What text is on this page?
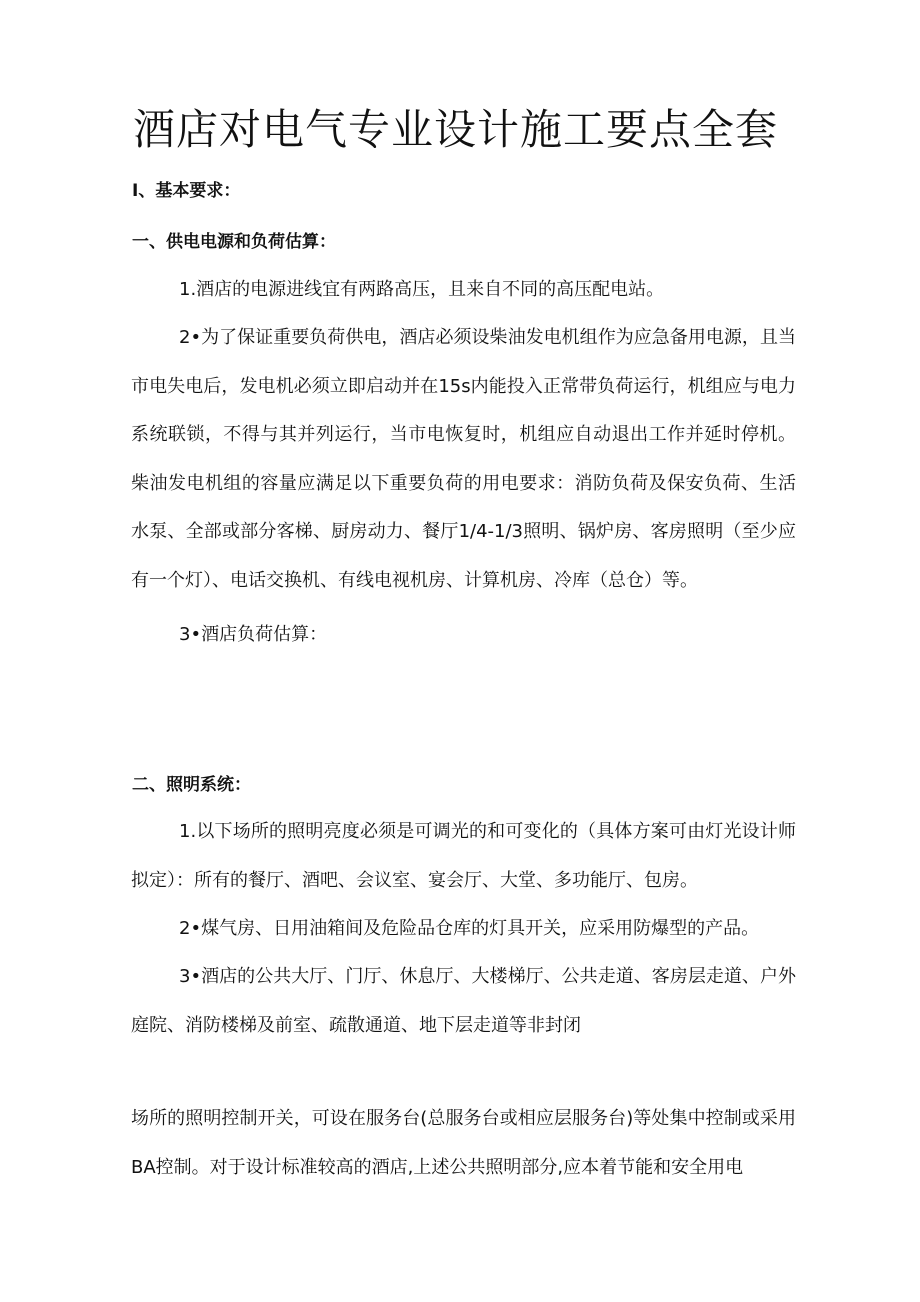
酒店对电气专业设计施工要点全套
I、基本要求：
一、供电电源和负荷估算：

1.酒店的电源进线宜有两路高压，且来自不同的高压配电站。

2•为了保证重要负荷供电，酒店必须设柴油发电机组作为应急备用电源，且当市电失电后，发电机必须立即启动并在15s内能投入正常带负荷运行，机组应与电力系统联锁，不得与其并列运行，当市电恢复时，机组应自动退出工作并延时停机。柴油发电机组的容量应满足以下重要负荷的用电要求：消防负荷及保安负荷、生活水泵、全部或部分客梯、厨房动力、餐厅1/4-1/3照明、锅炉房、客房照明（至少应有一个灯）、电话交换机、有线电视机房、计算机房、冷库（总仓）等。

3•酒店负荷估算：

二、照明系统：

1.以下场所的照明亮度必须是可调光的和可变化的（具体方案可由灯光设计师拟定）：所有的餐厅、酒吧、会议室、宴会厅、大堂、多功能厅、包房。

2•煤气房、日用油箱间及危险品仓库的灯具开关，应采用防爆型的产品。

3•酒店的公共大厅、门厅、休息厅、大楼梯厅、公共走道、客房层走道、户外庭院、消防楼梯及前室、疏散通道、地下层走道等非封闭

场所的照明控制开关，可设在服务台(总服务台或相应层服务台)等处集中控制或采用BA控制。对于设计标准较高的酒店,上述公共照明部分,应本着节能和安全用电
